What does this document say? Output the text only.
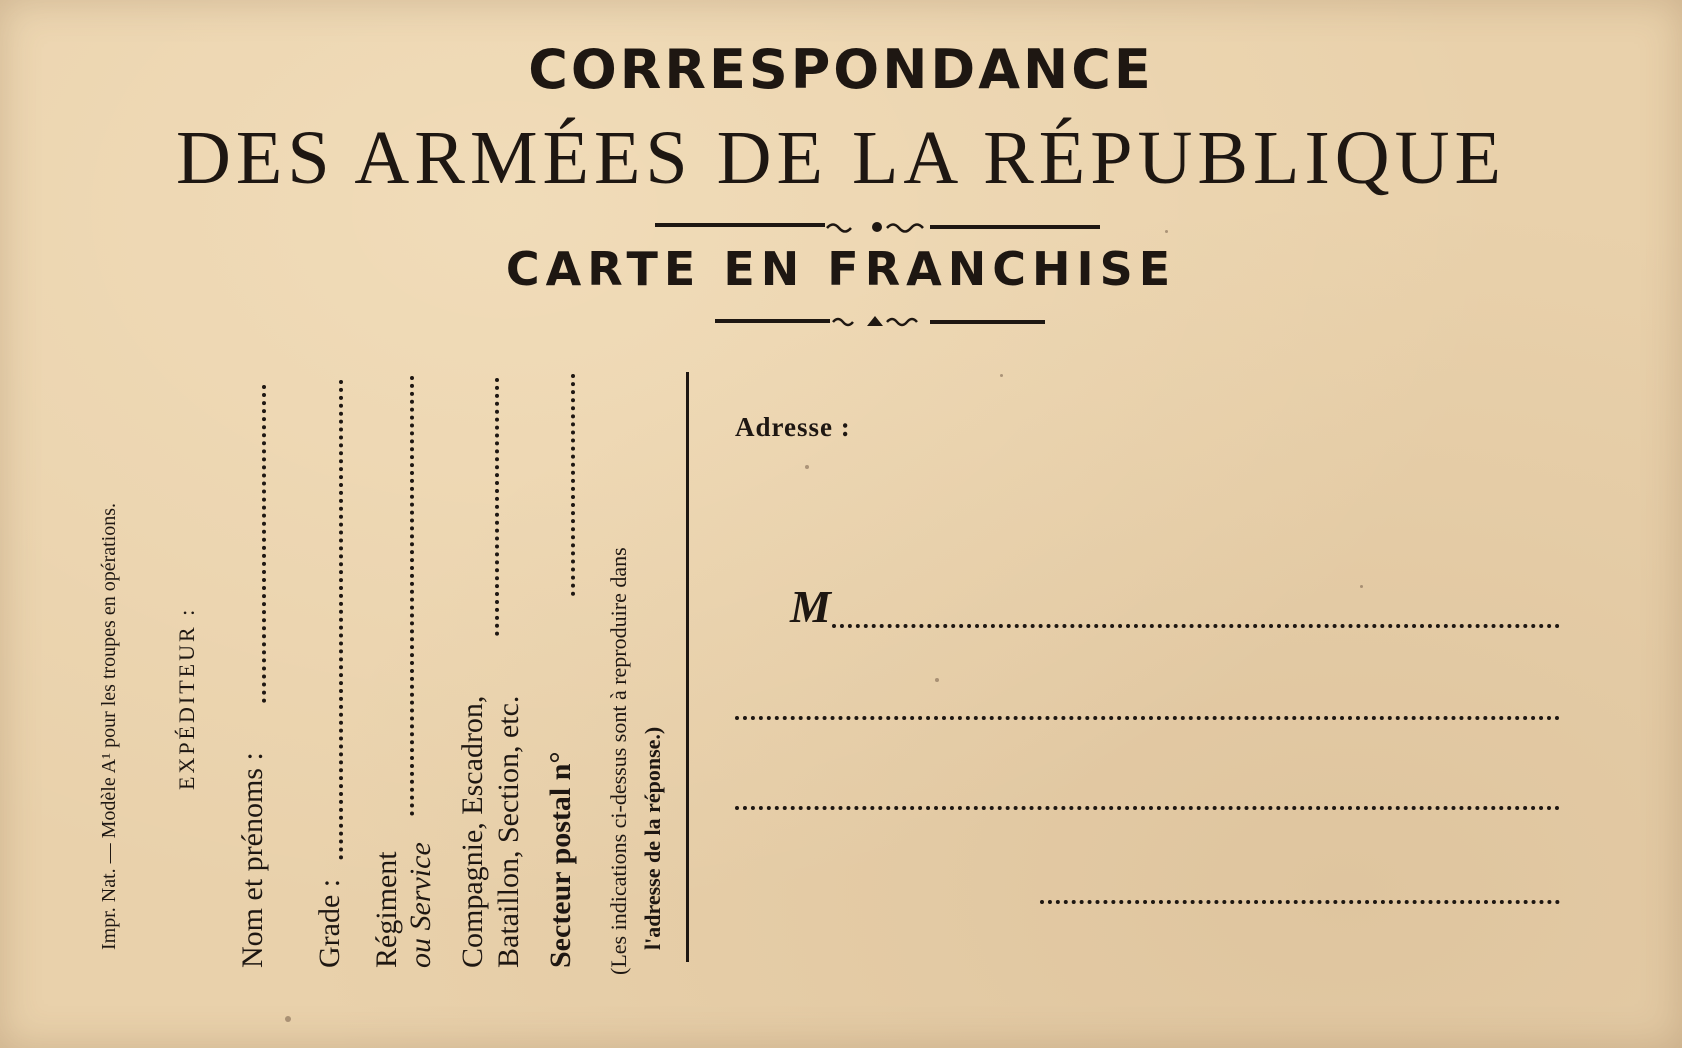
CORRESPONDANCE
DES ARMÉES DE LA RÉPUBLIQUE
CARTE EN FRANCHISE
Impr. Nat. — Modèle A¹ pour les troupes en opérations. EXPÉDITEUR :
Nom et prénoms : Grade : Régiment ou Service Compagnie, Escadron, Bataillon, Section, etc. Secteur postal n° (Les indications ci-dessus sont à reproduire dans l'adresse de la réponse.)
Adresse :
M
